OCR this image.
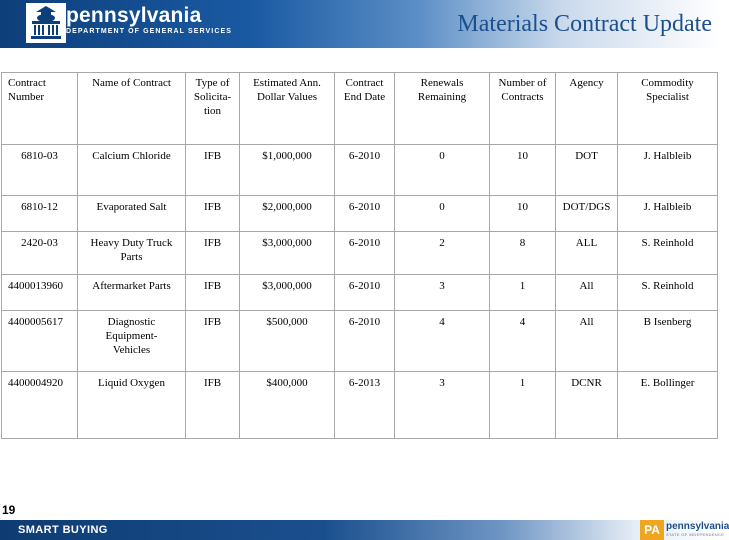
pennsylvania
DEPARTMENT OF GENERAL SERVICES	Materials Contract Update
Contract Number	Name of Contract	Type of Solicita-tion	Estimated Ann. Dollar Values	Contract End Date	Renewals Remaining	Number of Contracts	Agency	Commodity Specialist
6810-03	Calcium Chloride	IFB	$1,000,000	6-2010	0	10	DOT	J. Halbleib
6810-12	Evaporated Salt	IFB	$2,000,000	6-2010	0	10	DOT/DGS	J. Halbleib
2420-03	Heavy Duty Truck Parts	IFB	$3,000,000	6-2010	2	8	ALL	S. Reinhold
4400013960	Aftermarket Parts	IFB	$3,000,000	6-2010	3	1	All	S. Reinhold
4400005617	Diagnostic Equipment-Vehicles	IFB	$500,000	6-2010	4	4	All	B Isenberg
4400004920	Liquid Oxygen	IFB	$400,000	6-2013	3	1	DCNR	E. Bollinger
19
SMART BUYING	PA pennsylvania
STATE OF INDEPENDENCE
